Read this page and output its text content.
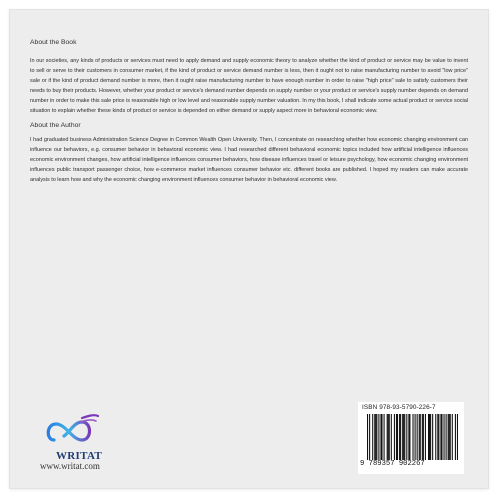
About the Book

In our societies, any kinds of products or services must need to apply demand and supply economic theory to analyze whether the kind of product or service may be value to invent to sell or serve to their customers in consumer market, if the kind of product or service demand number is less, then it ought not to raise manufacturing number to avoid "low price" sale or if the kind of product demand number is more, then it ought raise manufacturing number to have enough number in order to raise "high price" sale to satisfy customers their needs to buy their products. However, whether your product or service's demand number depends on supply number or your product or service's supply number depends on demand number in order to make this sale price is reasonable high or low level and reasonable supply number valuation. In my this book, I shall indicate some actual product or service social situation to explain whether these kinds of product or service is depended on either demand or supply aspect more in behavioral economic view.

About the Author

I had graduated business Administration Science Degree in Common Wealth Open University. Then, I concentrate on researching whether how economic changing environment can influence our behaviors, e.g. consumer behavior in behavioral economic view. I had researched different behavioral economic topics included how artificial intelligence influences economic environment changes, how artificial intelligence influences consumer behaviors, how disease influences travel or leisure psychology, how economic changing environment influences public transport passenger choice, how e-commerce market influences consumer behavior etc. different books are published. I hoped my readers can make accurate analysis to learn how and why the economic changing environment influences consumer behavior in behavioral economic view.

WRITAT
www.writat.com
ISBN 978-93-5790-226-7
9 789357 902267
